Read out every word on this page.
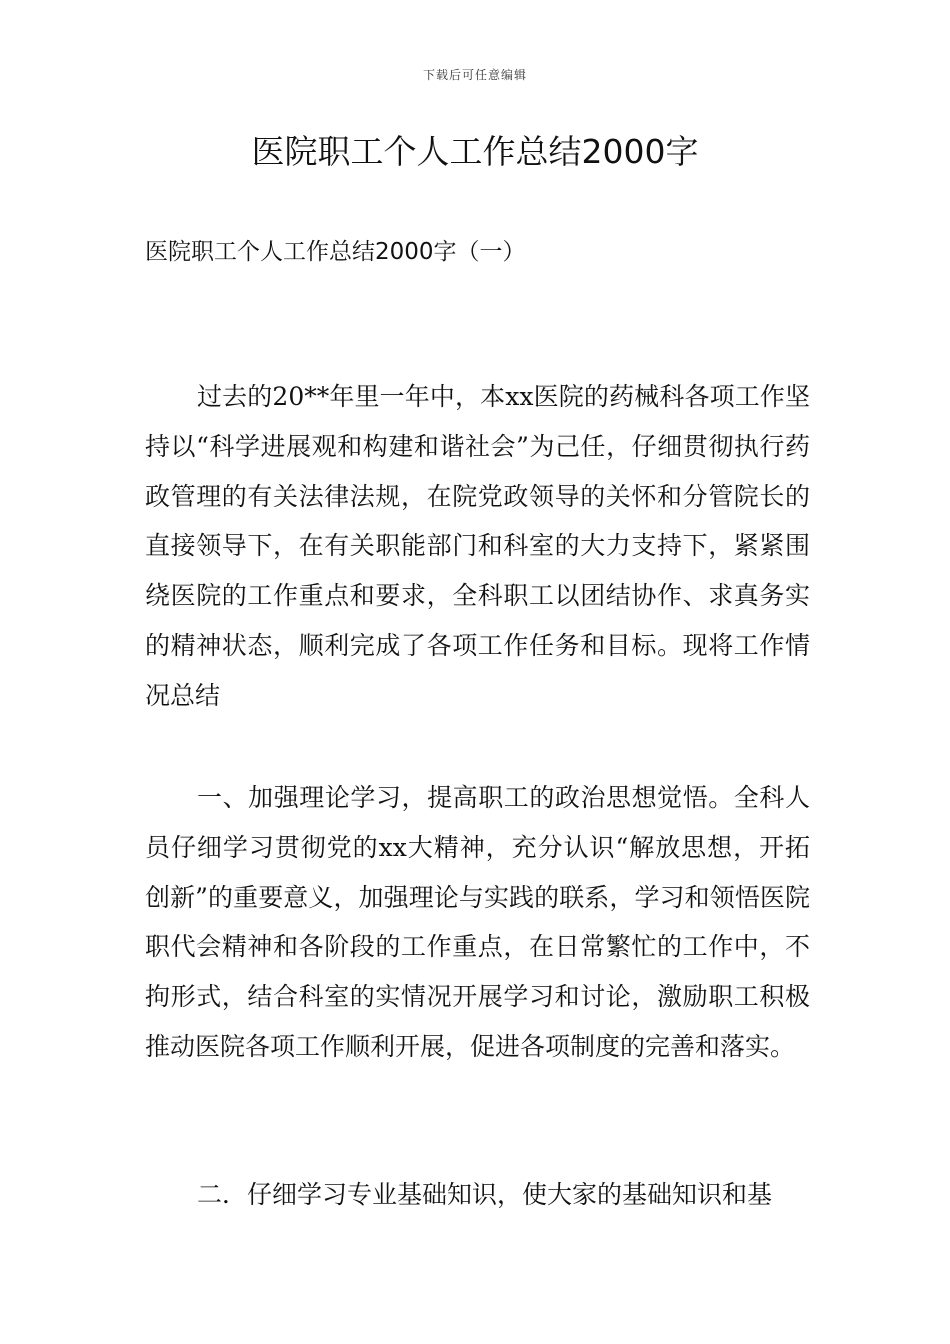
下载后可任意编辑
医院职工个人工作总结2000字
医院职工个人工作总结2000字（一）

过去的20**年里一年中，本xx医院的药械科各项工作坚持以“科学进展观和构建和谐社会”为己任，仔细贯彻执行药政管理的有关法律法规，在院党政领导的关怀和分管院长的直接领导下，在有关职能部门和科室的大力支持下，紧紧围绕医院的工作重点和要求，全科职工以团结协作、求真务实的精神状态，顺利完成了各项工作任务和目标。现将工作情况总结

一、加强理论学习，提高职工的政治思想觉悟。全科人员仔细学习贯彻党的xx大精神，充分认识“解放思想，开拓创新”的重要意义，加强理论与实践的联系，学习和领悟医院职代会精神和各阶段的工作重点，在日常繁忙的工作中，不拘形式，结合科室的实情况开展学习和讨论，激励职工积极推动医院各项工作顺利开展，促进各项制度的完善和落实。

二．仔细学习专业基础知识，使大家的基础知识和基
